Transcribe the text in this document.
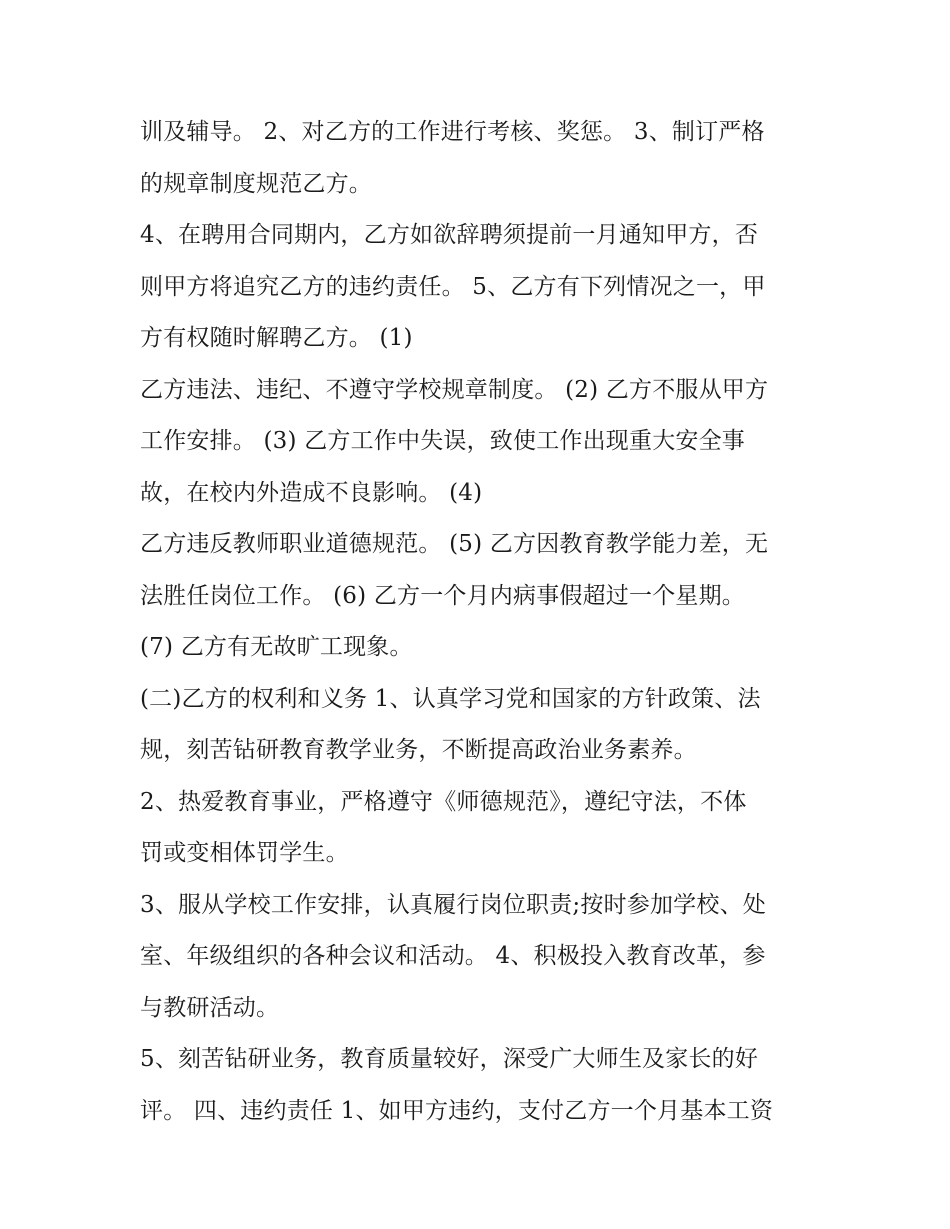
训及辅导。 2、对乙方的工作进行考核、奖惩。 3、制订严格
的规章制度规范乙方。
4、在聘用合同期内，乙方如欲辞聘须提前一月通知甲方，否
则甲方将追究乙方的违约责任。 5、乙方有下列情况之一，甲
方有权随时解聘乙方。 (1)
乙方违法、违纪、不遵守学校规章制度。 (2) 乙方不服从甲方
工作安排。 (3) 乙方工作中失误，致使工作出现重大安全事
故，在校内外造成不良影响。 (4)
乙方违反教师职业道德规范。 (5) 乙方因教育教学能力差，无
法胜任岗位工作。 (6) 乙方一个月内病事假超过一个星期。
(7) 乙方有无故旷工现象。
(二)乙方的权利和义务 1、认真学习党和国家的方针政策、法
规，刻苦钻研教育教学业务，不断提高政治业务素养。
2、热爱教育事业，严格遵守《师德规范》，遵纪守法，不体
罚或变相体罚学生。
3、服从学校工作安排，认真履行岗位职责;按时参加学校、处
室、年级组织的各种会议和活动。 4、积极投入教育改革，参
与教研活动。
5、刻苦钻研业务，教育质量较好，深受广大师生及家长的好
评。 四、违约责任 1、如甲方违约，支付乙方一个月基本工资
